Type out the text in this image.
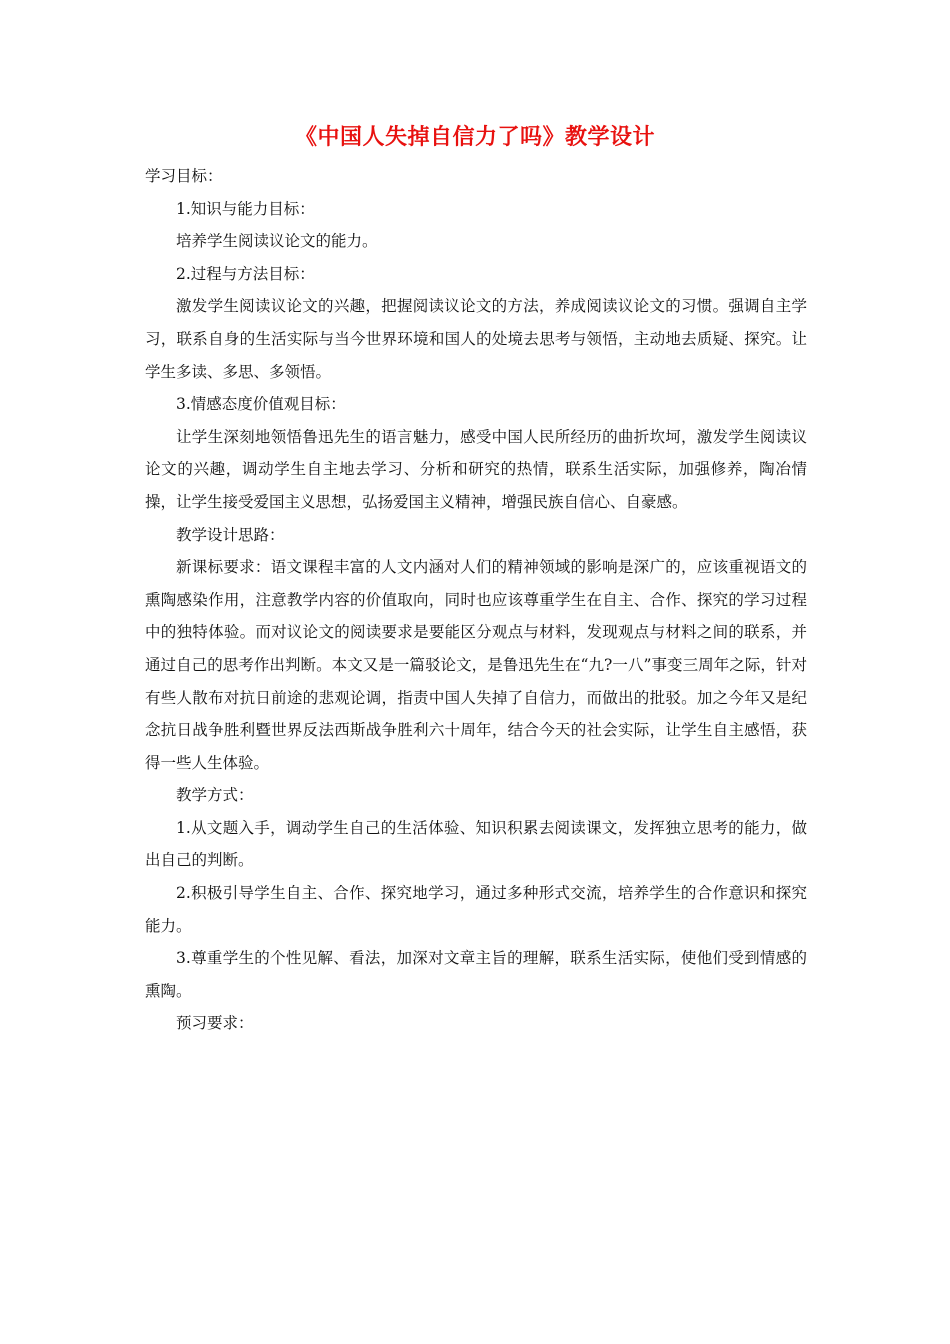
《中国人失掉自信力了吗》教学设计

学习目标：

1.知识与能力目标：

培养学生阅读议论文的能力。

2.过程与方法目标：

激发学生阅读议论文的兴趣，把握阅读议论文的方法，养成阅读议论文的习惯。强调自主学习，联系自身的生活实际与当今世界环境和国人的处境去思考与领悟，主动地去质疑、探究。让学生多读、多思、多领悟。

3.情感态度价值观目标：

让学生深刻地领悟鲁迅先生的语言魅力，感受中国人民所经历的曲折坎坷，激发学生阅读议论文的兴趣，调动学生自主地去学习、分析和研究的热情，联系生活实际，加强修养，陶冶情操，让学生接受爱国主义思想，弘扬爱国主义精神，增强民族自信心、自豪感。

教学设计思路：

新课标要求：语文课程丰富的人文内涵对人们的精神领域的影响是深广的，应该重视语文的熏陶感染作用，注意教学内容的价值取向，同时也应该尊重学生在自主、合作、探究的学习过程中的独特体验。而对议论文的阅读要求是要能区分观点与材料，发现观点与材料之间的联系，并通过自己的思考作出判断。本文又是一篇驳论文，是鲁迅先生在“九?一八”事变三周年之际，针对有些人散布对抗日前途的悲观论调，指责中国人失掉了自信力，而做出的批驳。加之今年又是纪念抗日战争胜利暨世界反法西斯战争胜利六十周年，结合今天的社会实际，让学生自主感悟，获得一些人生体验。

教学方式：

1.从文题入手，调动学生自己的生活体验、知识积累去阅读课文，发挥独立思考的能力，做出自己的判断。

2.积极引导学生自主、合作、探究地学习，通过多种形式交流，培养学生的合作意识和探究能力。

3.尊重学生的个性见解、看法，加深对文章主旨的理解，联系生活实际，使他们受到情感的熏陶。

预习要求：
